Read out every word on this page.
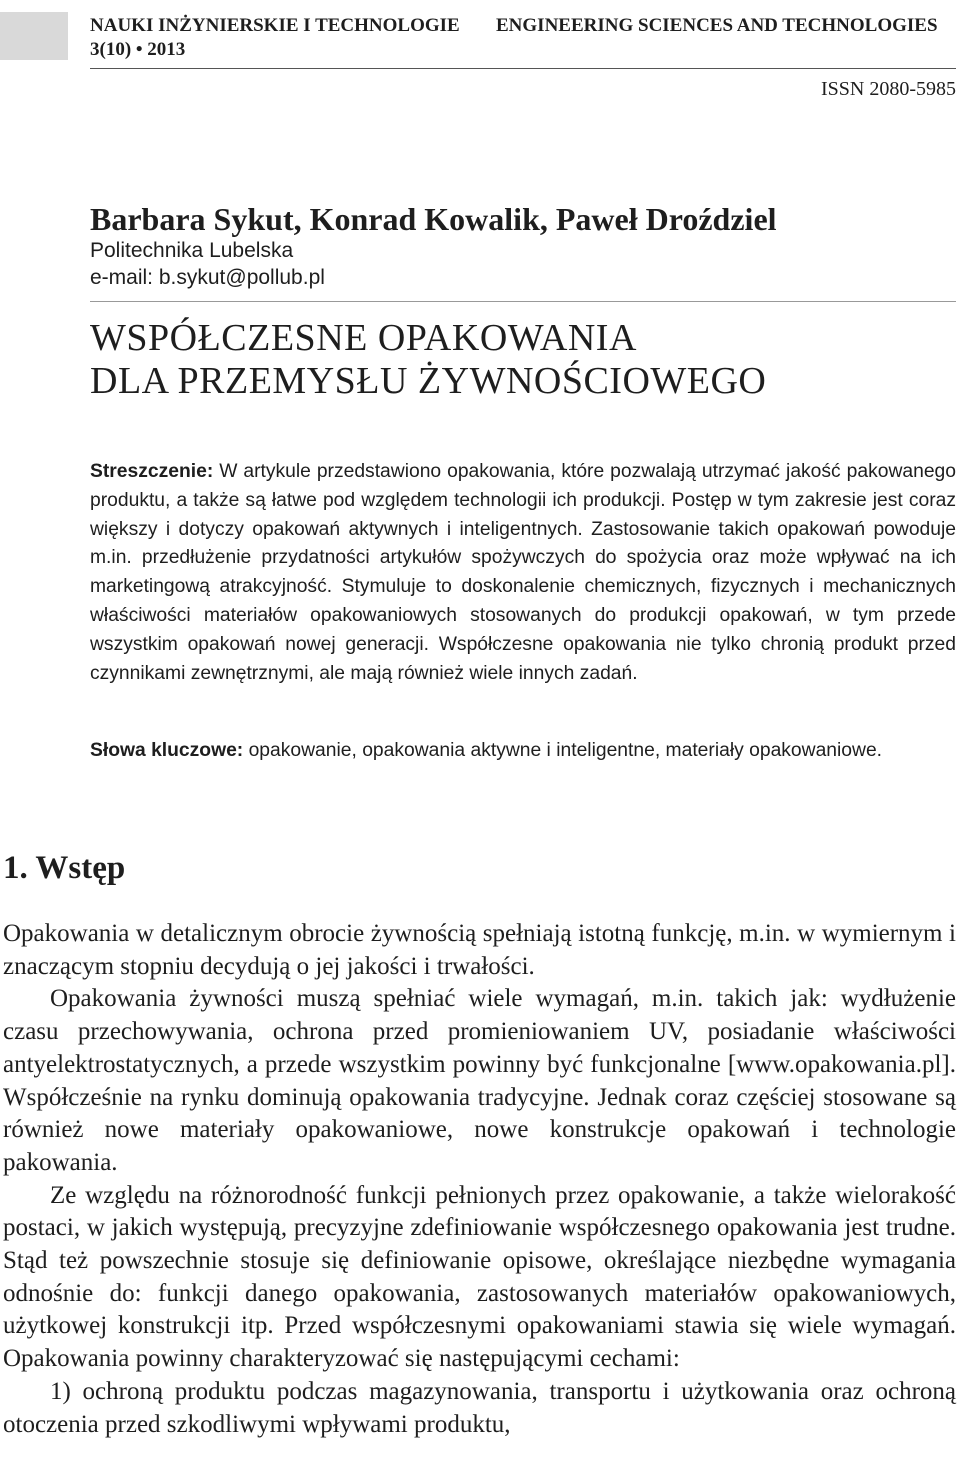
NAUKI INŻYNIERSKIE I TECHNOLOGIE ENGINEERING SCIENCES AND TECHNOLOGIES
3(10) • 2013
ISSN 2080-5985
Barbara Sykut, Konrad Kowalik, Paweł Droździel
Politechnika Lubelska
e-mail: b.sykut@pollub.pl
WSPÓŁCZESNE OPAKOWANIA
DLA PRZEMYSŁU ŻYWNOŚCIOWEGO
Streszczenie: W artykule przedstawiono opakowania, które pozwalają utrzymać jakość pakowanego produktu, a także są łatwe pod względem technologii ich produkcji. Postęp w tym zakresie jest coraz większy i dotyczy opakowań aktywnych i inteligentnych. Zastosowanie takich opakowań powoduje m.in. przedłużenie przydatności artykułów spożywczych do spożycia oraz może wpływać na ich marketingową atrakcyjność. Stymuluje to doskonalenie chemicznych, fizycznych i mechanicznych właściwości materiałów opakowaniowych stosowanych do produkcji opakowań, w tym przede wszystkim opakowań nowej generacji. Współczesne opakowania nie tylko chronią produkt przed czynnikami zewnętrznymi, ale mają również wiele innych zadań.
Słowa kluczowe: opakowanie, opakowania aktywne i inteligentne, materiały opakowaniowe.
1. Wstęp

Opakowania w detalicznym obrocie żywnością spełniają istotną funkcję, m.in. w wymiernym i znaczącym stopniu decydują o jej jakości i trwałości.

Opakowania żywności muszą spełniać wiele wymagań, m.in. takich jak: wydłużenie czasu przechowywania, ochrona przed promieniowaniem UV, posiadanie właściwości antyelektrostatycznych, a przede wszystkim powinny być funkcjonalne [www.opakowania.pl]. Współcześnie na rynku dominują opakowania tradycyjne. Jednak coraz częściej stosowane są również nowe materiały opakowaniowe, nowe konstrukcje opakowań i technologie pakowania.

Ze względu na różnorodność funkcji pełnionych przez opakowanie, a także wielorakość postaci, w jakich występują, precyzyjne zdefiniowanie współczesnego opakowania jest trudne. Stąd też powszechnie stosuje się definiowanie opisowe, określające niezbędne wymagania odnośnie do: funkcji danego opakowania, zastosowanych materiałów opakowaniowych, użytkowej konstrukcji itp. Przed współczesnymi opakowaniami stawia się wiele wymagań. Opakowania powinny charakteryzować się następującymi cechami:

1) ochroną produktu podczas magazynowania, transportu i użytkowania oraz ochroną otoczenia przed szkodliwymi wpływami produktu,
